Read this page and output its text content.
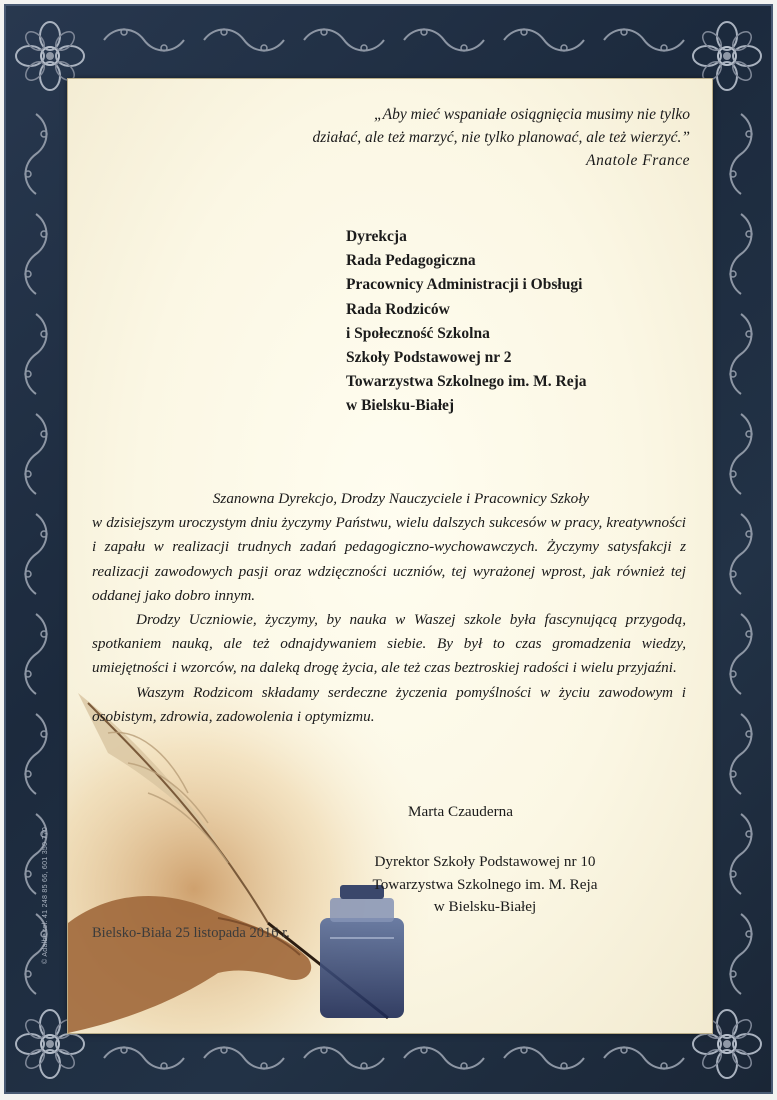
© Adalbe tel. 41 248 85 66, 601 350 770
„Aby mieć wspaniałe osiągnięcia musimy nie tylko
działać, ale też marzyć, nie tylko planować, ale też wierzyć.”

Anatole France
Dyrekcja
Rada Pedagogiczna
Pracownicy Administracji i Obsługi
Rada Rodziców
i Społeczność Szkolna
Szkoły Podstawowej nr 2
Towarzystwa Szkolnego im. M. Reja
w Bielsku-Białej

Szanowna Dyrekcjo, Drodzy Nauczyciele i Pracownicy Szkoły

w dzisiejszym uroczystym dniu życzymy Państwu, wielu dalszych sukcesów w pracy, kreatywności i zapału w realizacji trudnych zadań pedagogiczno-wychowawczych. Życzymy satysfakcji z realizacji zawodowych pasji oraz wdzięczności uczniów, tej wyrażonej wprost, jak również tej oddanej jako dobro innym.

Drodzy Uczniowie, życzymy, by nauka w Waszej szkole była fascynującą przygodą, spotkaniem nauką, ale też odnajdywaniem siebie. By był to czas gromadzenia wiedzy, umiejętności i wzorców, na daleką drogę życia, ale też czas beztroskiej radości i wielu przyjaźni.

Waszym Rodzicom składamy serdeczne życzenia pomyślności w życiu zawodowym i osobistym, zdrowia, zadowolenia i optymizmu.

Marta Czauderna
Dyrektor Szkoły Podstawowej nr 10
Towarzystwa Szkolnego im. M. Reja
w Bielsku-Białej
Bielsko-Biała 25 listopada 2016 r.
